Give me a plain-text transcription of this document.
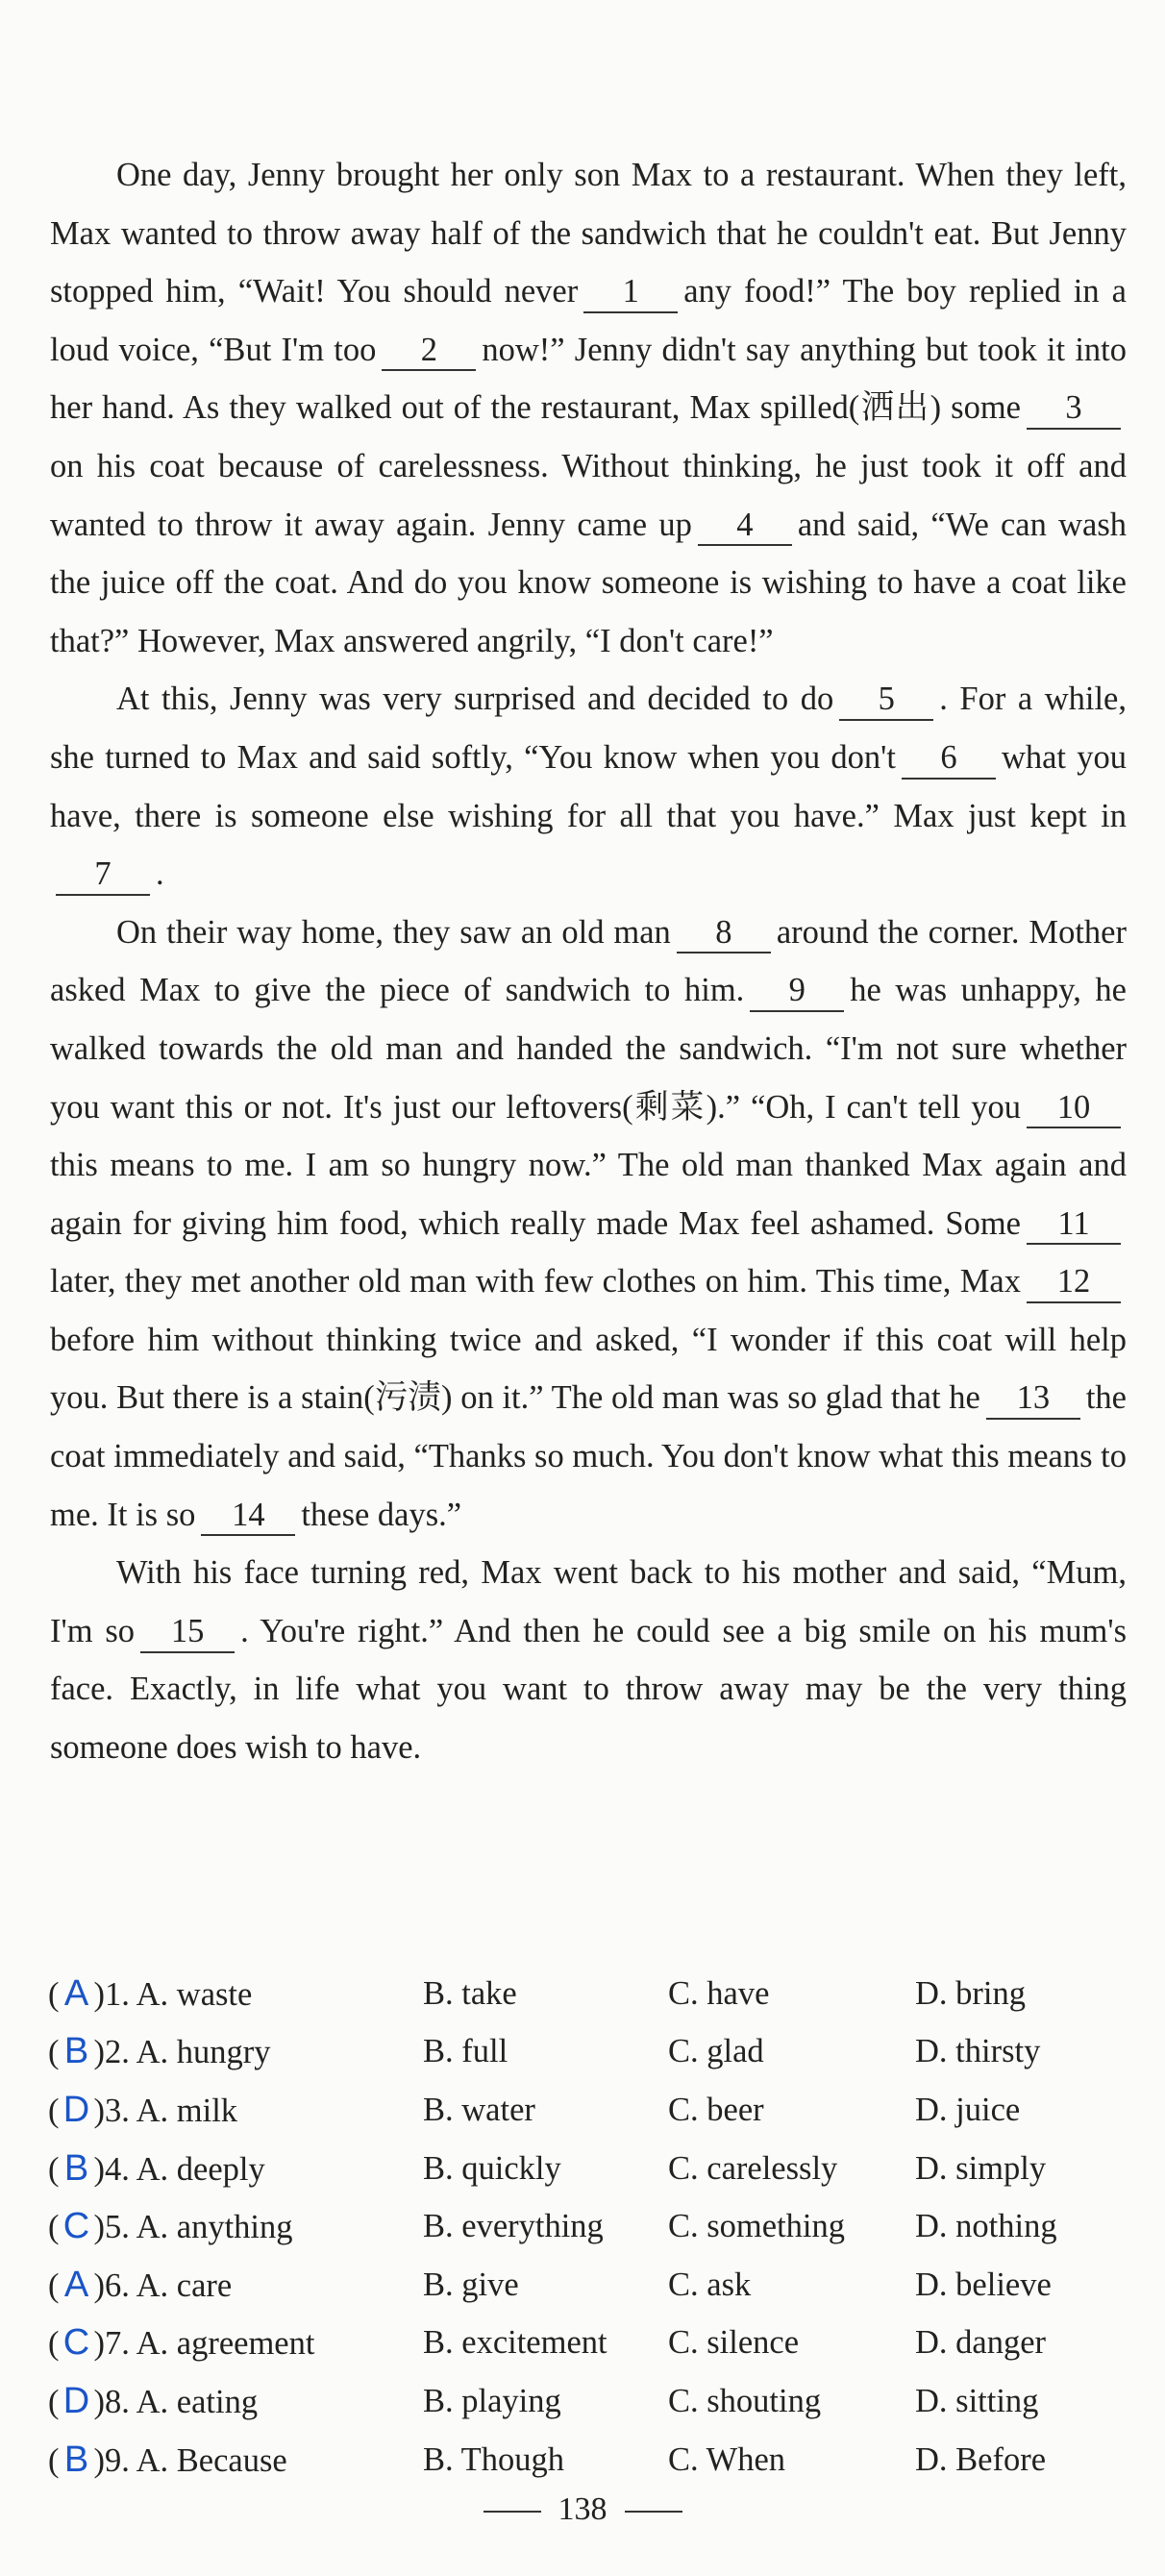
One day, Jenny brought her only son Max to a restaurant. When they left, Max wanted to throw away half of the sandwich that he couldn't eat. But Jenny stopped him, “Wait! You should never 1 any food!” The boy replied in a loud voice, “But I'm too 2 now!” Jenny didn't say anything but took it into her hand. As they walked out of the restaurant, Max spilled(洒出) some 3on his coat because of carelessness. Without thinking, he just took it off and wanted to throw it away again. Jenny came up 4 and said, “We can wash the juice off the coat. And do you know someone is wishing to have a coat like that?” However, Max answered angrily, “I don't care!”

At this, Jenny was very surprised and decided to do 5 . For a while, she turned to Max and said softly, “You know when you don't 6 what you have, there is someone else wishing for all that you have.” Max just kept in7 .

On their way home, they saw an old man 8 around the corner. Mother asked Max to give the piece of sandwich to him. 9 he was unhappy, he walked towards the old man and handed the sandwich. “I'm not sure whether you want this or not. It's just our leftovers(剩菜).” “Oh, I can't tell you 10this means to me. I am so hungry now.” The old man thanked Max again and again for giving him food, which really made Max feel ashamed. Some 11later, they met another old man with few clothes on him. This time, Max 12before him without thinking twice and asked, “I wonder if this coat will help you. But there is a stain(污渍) on it.” The old man was so glad that he 13 the coat immediately and said, “Thanks so much. You don't know what this means to me. It is so 14 these days.”

With his face turning red, Max went back to his mother and said, “Mum, I'm so 15 . You're right.” And then he could see a big smile on his mum's face. Exactly, in life what you want to throw away may be the very thing someone does wish to have.

( A )1. A. waste	B. take	C. have	D. bring
( B )2. A. hungry	B. full	C. glad	D. thirsty
( D )3. A. milk	B. water	C. beer	D. juice
( B )4. A. deeply	B. quickly	C. carelessly	D. simply
( C )5. A. anything	B. everything	C. something	D. nothing
( A )6. A. care	B. give	C. ask	D. believe
( C )7. A. agreement	B. excitement	C. silence	D. danger
( D )8. A. eating	B. playing	C. shouting	D. sitting
( B )9. A. Because	B. Though	C. When	D. Before
138
